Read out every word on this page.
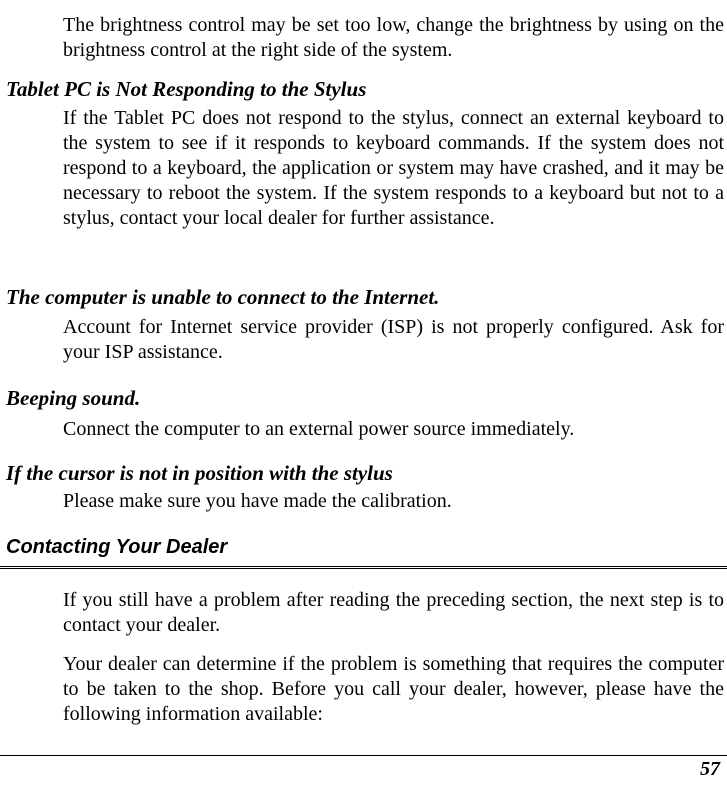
The brightness control may be set too low, change the brightness by using on the brightness control at the right side of the system.

Tablet PC is Not Responding to the Stylus

If the Tablet PC does not respond to the stylus, connect an external keyboard to the system to see if it responds to keyboard commands. If the system does not respond to a keyboard, the application or system may have crashed, and it may be necessary to reboot the system. If the system responds to a keyboard but not to a stylus, contact your local dealer for further assistance.

The computer is unable to connect to the Internet.

Account for Internet service provider (ISP) is not properly configured. Ask for your ISP assistance.

Beeping sound.

Connect the computer to an external power source immediately.

If the cursor is not in position with the stylus

Please make sure you have made the calibration.

Contacting Your Dealer

If you still have a problem after reading the preceding section, the next step is to contact your dealer.

Your dealer can determine if the problem is something that requires the computer to be taken to the shop. Before you call your dealer, however, please have the following information available:

57
